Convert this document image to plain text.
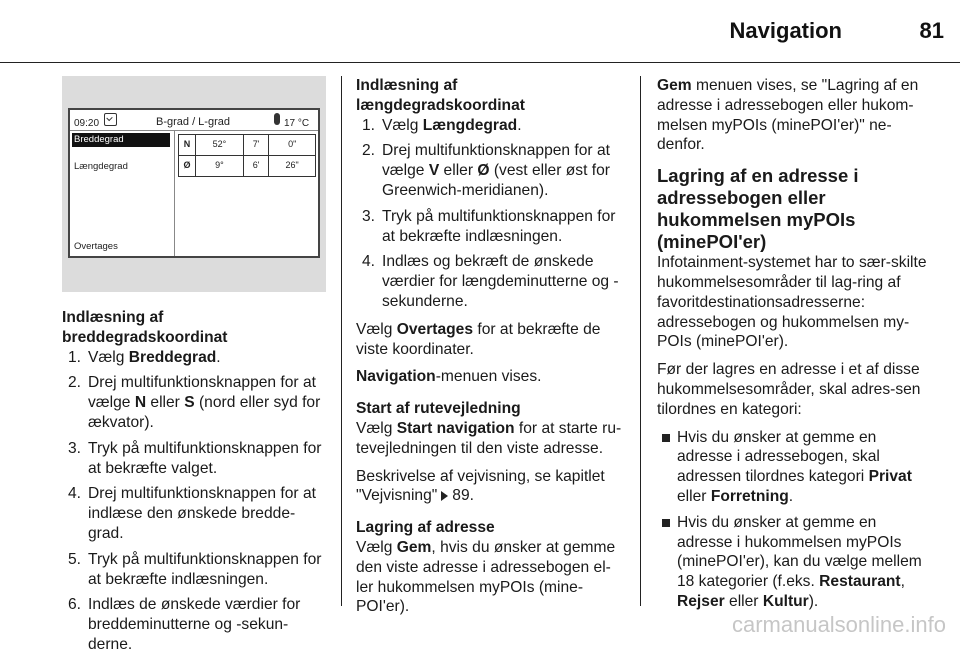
Navigation	81
09:20	B-grad / L-grad	17 °C
Breddegrad
Længdegrad
Overtages
N	52°	7'	0"
Ø	9°	6'	26"

Indlæsning af breddegradskoordinat

1. Vælg Breddegrad.
2. Drej multifunktionsknappen for at vælge N eller S (nord eller syd for ækvator).
3. Tryk på multifunktionsknappen for at bekræfte valget.
4. Drej multifunktionsknappen for at indlæse den ønskede bredde-grad.
5. Tryk på multifunktionsknappen for at bekræfte indlæsningen.
6. Indlæs de ønskede værdier for breddeminutterne og -sekun-derne.

Indlæsning af længdegradskoordinat

1. Vælg Længdegrad.
2. Drej multifunktionsknappen for at vælge V eller Ø (vest eller øst for Greenwich-meridianen).
3. Tryk på multifunktionsknappen for at bekræfte indlæsningen.
4. Indlæs og bekræft de ønskede værdier for længdeminutterne og - sekunderne.

Vælg Overtages for at bekræfte de viste koordinater.

Navigation-menuen vises.

Start af rutevejledning

Vælg Start navigation for at starte ru-tevejledningen til den viste adresse.

Beskrivelse af vejvisning, se kapitlet "Vejvisning" 89.

Lagring af adresse

Vælg Gem, hvis du ønsker at gemme den viste adresse i adressebogen el-ler hukommelsen myPOIs (mine-POI'er).

Gem menuen vises, se "Lagring af en adresse i adressebogen eller hukom-melsen myPOIs (minePOI'er)" ne-denfor.

Lagring af en adresse i adressebogen eller hukommelsen myPOIs (minePOI'er)

Infotainment-systemet har to sær-skilte hukommelsesområder til lag-ring af favoritdestinationsadresserne: adressebogen og hukommelsen my-POIs (minePOI'er).

Før der lagres en adresse i et af disse hukommelsesområder, skal adres-sen tilordnes en kategori:

Hvis du ønsker at gemme en adresse i adressebogen, skal adressen tilordnes kategori Privat eller Forretning.
Hvis du ønsker at gemme en adresse i hukommelsen myPOIs (minePOI'er), kan du vælge mellem 18 kategorier (f.eks. Restaurant, Rejser eller Kultur).
carmanualsonline.info
